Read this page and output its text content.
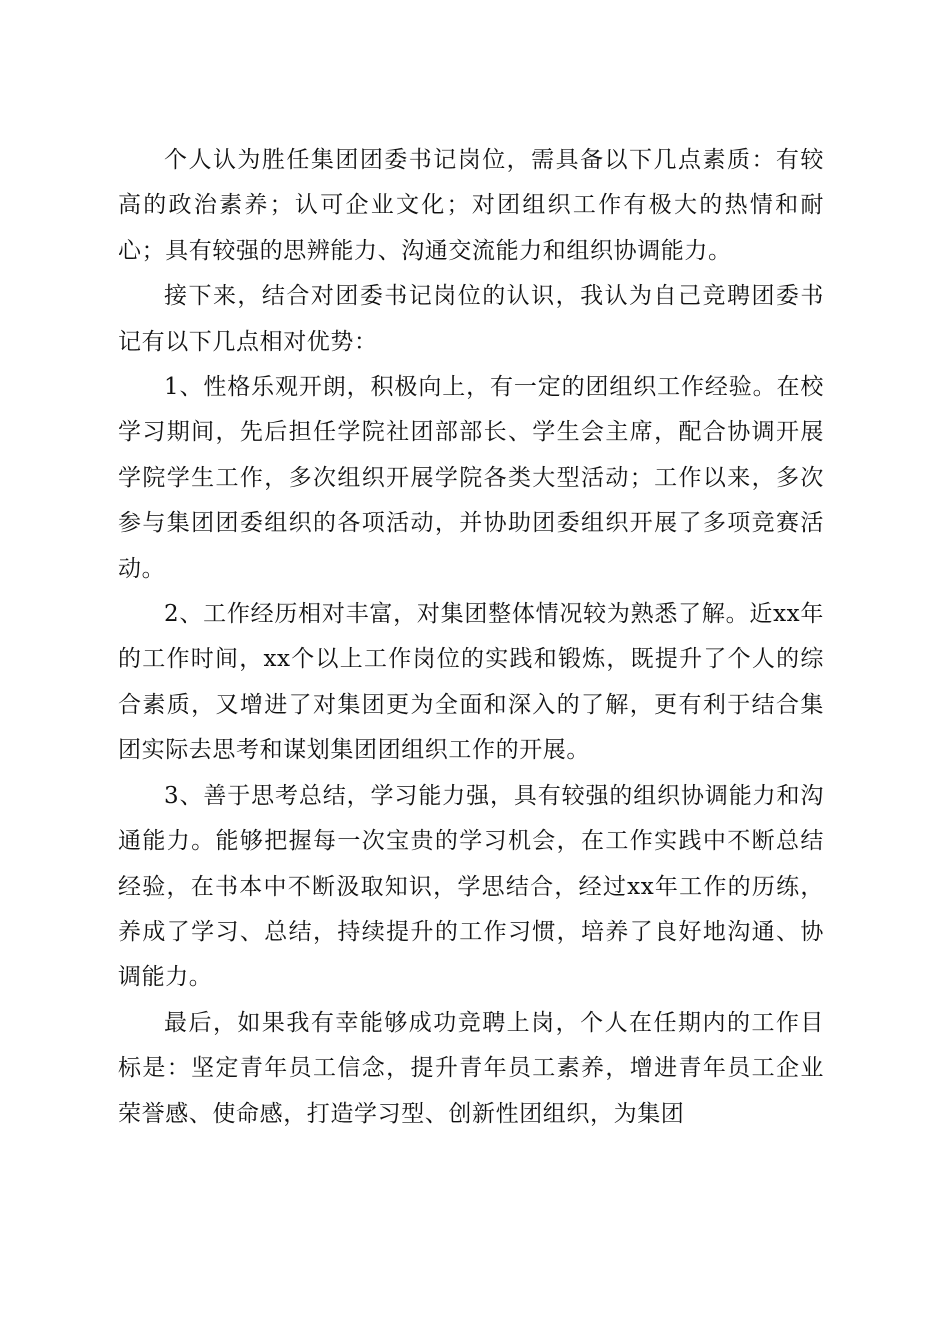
个人认为胜任集团团委书记岗位，需具备以下几点素质：有较高的政治素养；认可企业文化；对团组织工作有极大的热情和耐心；具有较强的思辨能力、沟通交流能力和组织协调能力。

接下来，结合对团委书记岗位的认识，我认为自己竞聘团委书记有以下几点相对优势：

1、性格乐观开朗，积极向上，有一定的团组织工作经验。在校学习期间，先后担任学院社团部部长、学生会主席，配合协调开展学院学生工作，多次组织开展学院各类大型活动；工作以来，多次参与集团团委组织的各项活动，并协助团委组织开展了多项竞赛活动。

2、工作经历相对丰富，对集团整体情况较为熟悉了解。近xx年的工作时间，xx个以上工作岗位的实践和锻炼，既提升了个人的综合素质，又增进了对集团更为全面和深入的了解，更有利于结合集团实际去思考和谋划集团团组织工作的开展。

3、善于思考总结，学习能力强，具有较强的组织协调能力和沟通能力。能够把握每一次宝贵的学习机会，在工作实践中不断总结经验，在书本中不断汲取知识，学思结合，经过xx年工作的历练，养成了学习、总结，持续提升的工作习惯，培养了良好地沟通、协调能力。

最后，如果我有幸能够成功竞聘上岗，个人在任期内的工作目标是：坚定青年员工信念，提升青年员工素养，增进青年员工企业荣誉感、使命感，打造学习型、创新性团组织，为集团
